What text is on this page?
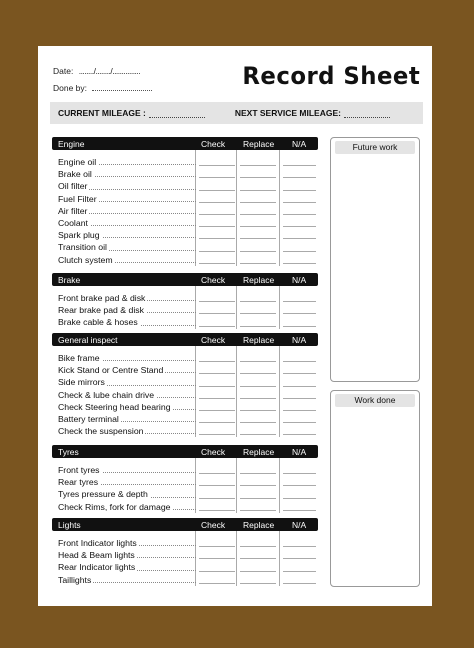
Date: ......../......../...............
Done by:	Record Sheet
CURRENT MILEAGE :	NEXT SERVICE MILEAGE:
Engine	Check Replace N/A
Engine oil
Brake oil
Oil filter
Fuel Filter
Air filter
Coolant
Spark plug
Transition oil
Clutch system
Brake	Check Replace N/A
Front brake pad & disk
Rear brake pad & disk
Brake cable & hoses
General inspect	Check Replace N/A
Bike frame
Kick Stand or Centre Stand
Side mirrors
Check & lube chain drive
Check Steering head bearing
Battery terminal
Check the suspension
Tyres	Check Replace N/A
Front tyres
Rear tyres
Tyres pressure & depth
Check Rims, fork for damage
Lights	Check Replace N/A
Front Indicator lights
Head & Beam lights
Rear Indicator lights
Taillights
Future work
Work done
